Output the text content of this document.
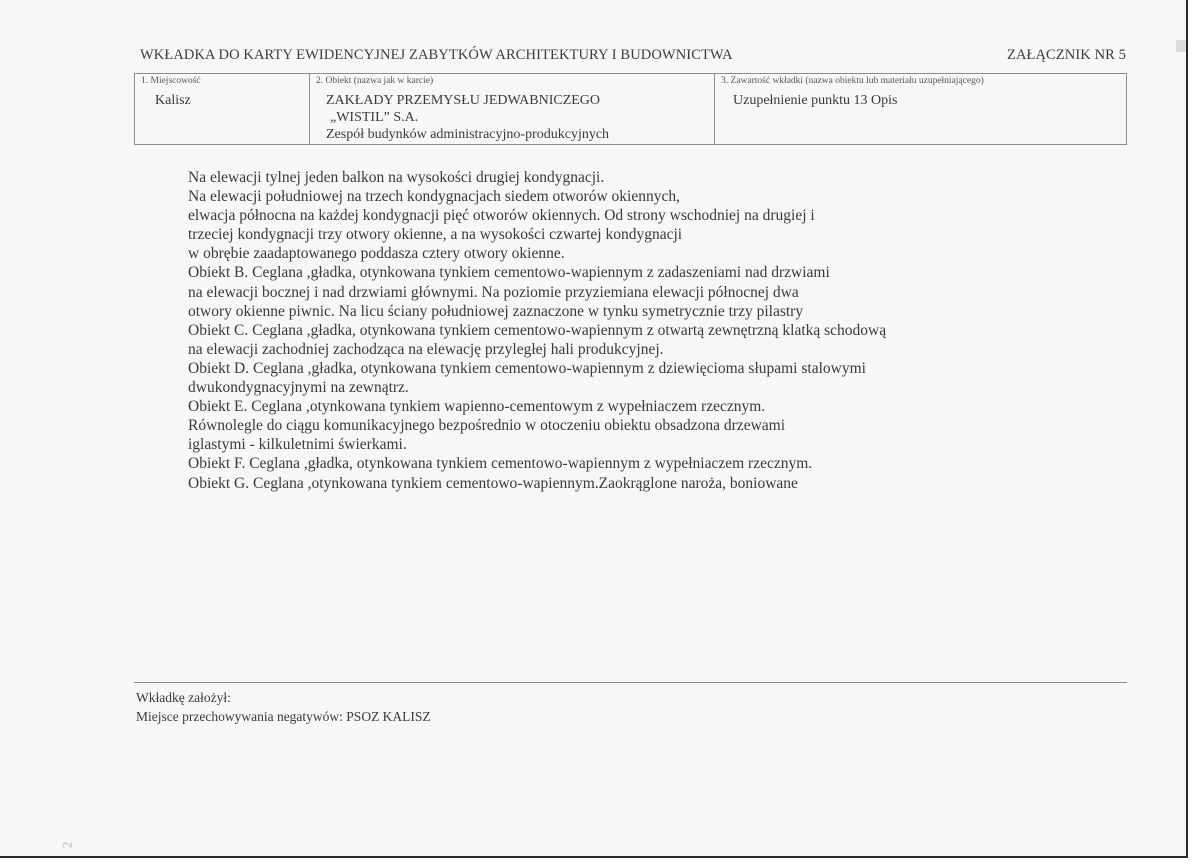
WKŁADKA DO KARTY EWIDENCYJNEJ ZABYTKÓW ARCHITEKTURY I BUDOWNICTWA	ZAŁĄCZNIK NR 5
1. Miejscowość
Kalisz
2. Obiekt (nazwa jak w karcie)
ZAKŁADY PRZEMYSŁU JEDWABNICZEGO
„WISTIL” S.A.
Zespół budynków administracyjno-produkcyjnych
3. Zawartość wkładki (nazwa obiektu lub materiału uzupełniającego)
Uzupełnienie punktu 13 Opis
Na elewacji tylnej jeden balkon na wysokości drugiej kondygnacji.
Na elewacji południowej na trzech kondygnacjach siedem otworów okiennych,
elwacja północna na każdej kondygnacji pięć otworów okiennych. Od strony wschodniej na drugiej i
trzeciej kondygnacji trzy otwory okienne, a na wysokości czwartej kondygnacji
w obrębie zaadaptowanego poddasza cztery otwory okienne.
Obiekt B. Ceglana ,gładka, otynkowana tynkiem cementowo-wapiennym z zadaszeniami nad drzwiami
na elewacji bocznej i nad drzwiami głównymi. Na poziomie przyziemiana elewacji północnej dwa
otwory okienne piwnic. Na licu ściany południowej zaznaczone w tynku symetrycznie trzy pilastry
Obiekt C. Ceglana ,gładka, otynkowana tynkiem cementowo-wapiennym z otwartą zewnętrzną klatką schodową
na elewacji zachodniej zachodząca na elewację przyległej hali produkcyjnej.
Obiekt D. Ceglana ,gładka, otynkowana tynkiem cementowo-wapiennym z dziewięcioma słupami stalowymi
dwukondygnacyjnymi na zewnątrz.
Obiekt E. Ceglana ,otynkowana tynkiem wapienno-cementowym z wypełniaczem rzecznym.
Równolegle do ciągu komunikacyjnego bezpośrednio w otoczeniu obiektu obsadzona drzewami
iglastymi - kilkuletnimi świerkami.
Obiekt F. Ceglana ,gładka, otynkowana tynkiem cementowo-wapiennym z wypełniaczem rzecznym.
Obiekt G. Ceglana ,otynkowana tynkiem cementowo-wapiennym.Zaokrąglone naroża, boniowane
Wkładkę założył:
Miejsce przechowywania negatywów: PSOZ KALISZ
2
